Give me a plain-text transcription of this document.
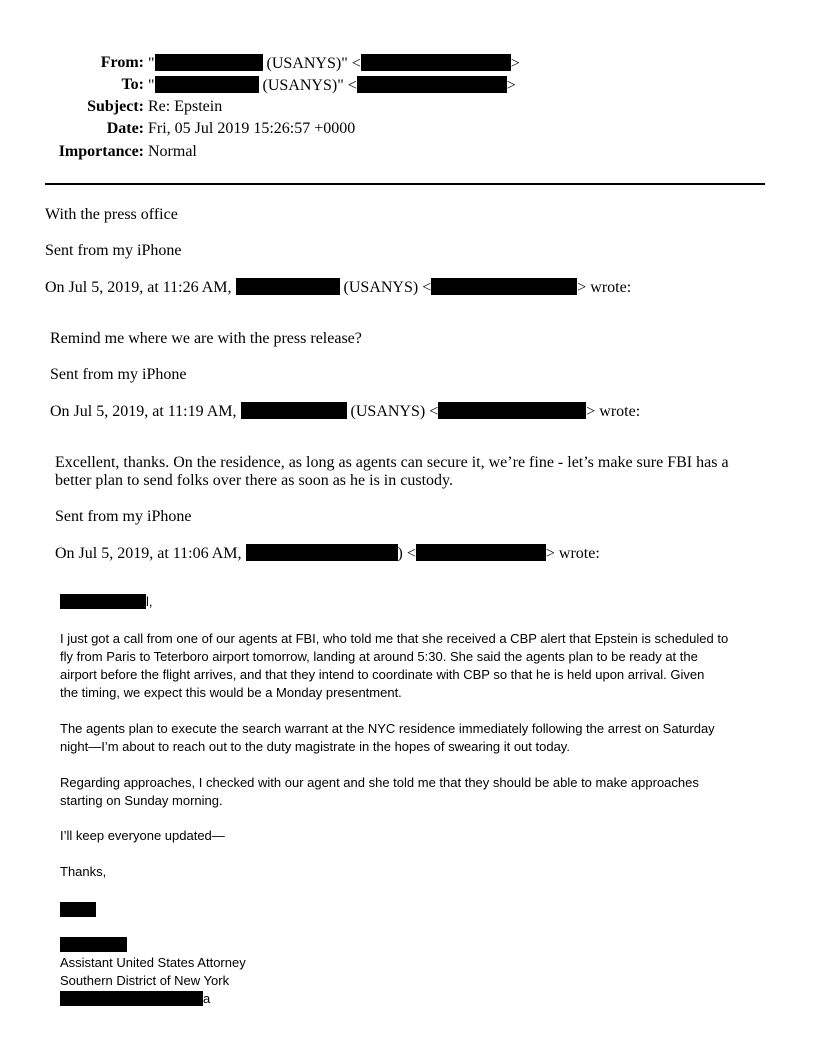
From: "	(USANYS)" <	>
To: "	(USANYS)" <	>
Subject: Re: Epstein
Date: Fri, 05 Jul 2019 15:26:57 +0000
Importance: Normal
With the press office
Sent from my iPhone
On Jul 5, 2019, at 11:26 AM,	(USANYS) <	> wrote:
Remind me where we are with the press release?
Sent from my iPhone
On Jul 5, 2019, at 11:19 AM,	(USANYS) <	> wrote:
Excellent, thanks. On the residence, as long as agents can secure it, we’re fine - let’s make sure FBI has a
better plan to send folks over there as soon as he is in custody.
Sent from my iPhone
On Jul 5, 2019, at 11:06 AM,	) <	> wrote:
l,
I just got a call from one of our agents at FBI, who told me that she received a CBP alert that Epstein is scheduled to
fly from Paris to Teterboro airport tomorrow, landing at around 5:30. She said the agents plan to be ready at the
airport before the flight arrives, and that they intend to coordinate with CBP so that he is held upon arrival. Given
the timing, we expect this would be a Monday presentment.
The agents plan to execute the search warrant at the NYC residence immediately following the arrest on Saturday
night—I’m about to reach out to the duty magistrate in the hopes of swearing it out today.
Regarding approaches, I checked with our agent and she told me that they should be able to make approaches
starting on Sunday morning.
I’ll keep everyone updated—
Thanks,
Assistant United States Attorney
Southern District of New York
a
